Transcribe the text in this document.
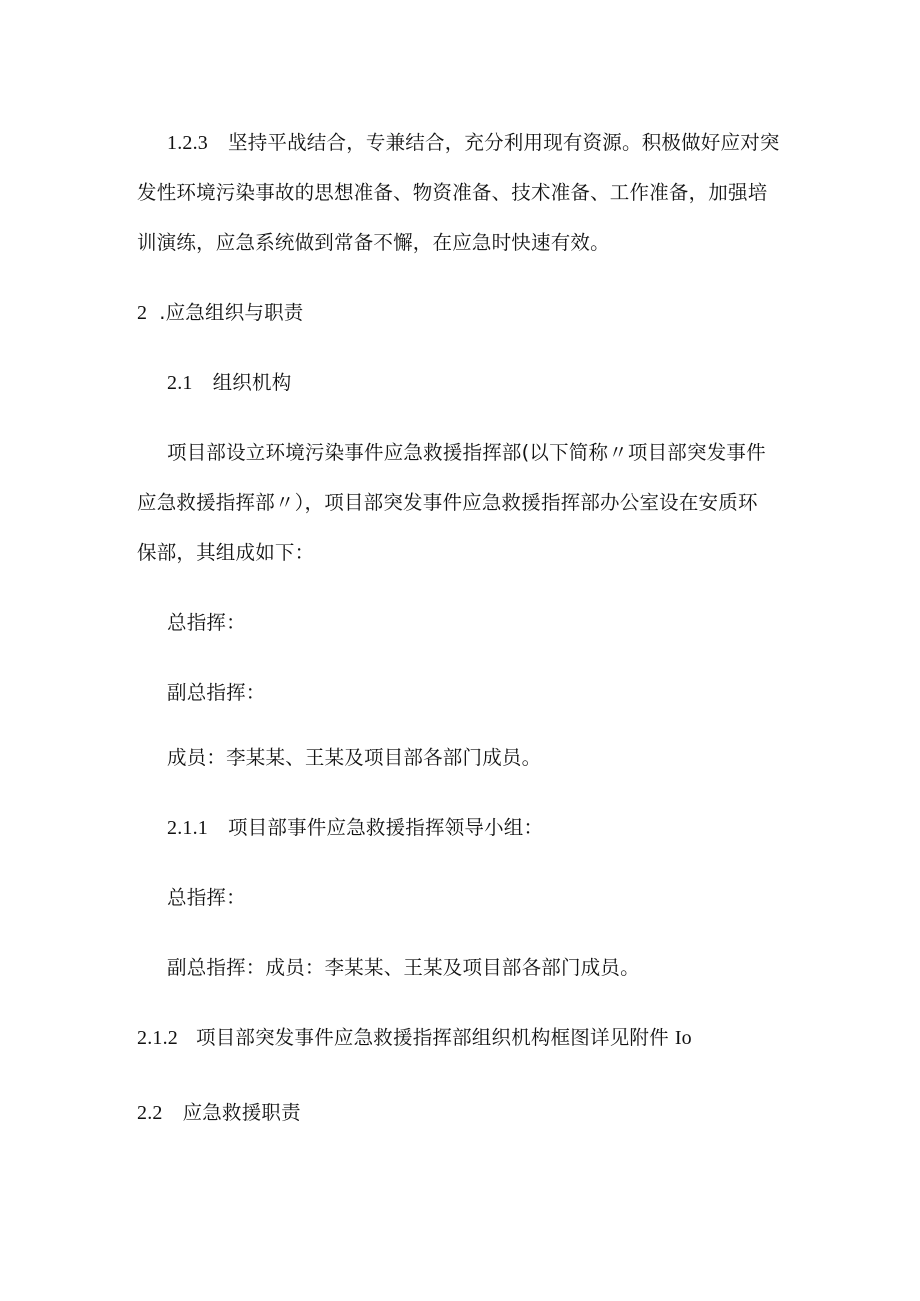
1.2.3 坚持平战结合，专兼结合，充分利用现有资源。积极做好应对突
发性环境污染事故的思想准备、物资准备、技术准备、工作准备，加强培
训演练，应急系统做到常备不懈，在应急时快速有效。
2 .应急组织与职责
2.1 组织机构
项目部设立环境污染事件应急救援指挥部(以下简称〃项目部突发事件
应急救援指挥部〃），项目部突发事件应急救援指挥部办公室设在安质环
保部，其组成如下：
总指挥：
副总指挥：
成员：李某某、王某及项目部各部门成员。
2.1.1 项目部事件应急救援指挥领导小组：
总指挥：
副总指挥：成员：李某某、王某及项目部各部门成员。
2.1.2 项目部突发事件应急救援指挥部组织机构框图详见附件 Io
2.2 应急救援职责
